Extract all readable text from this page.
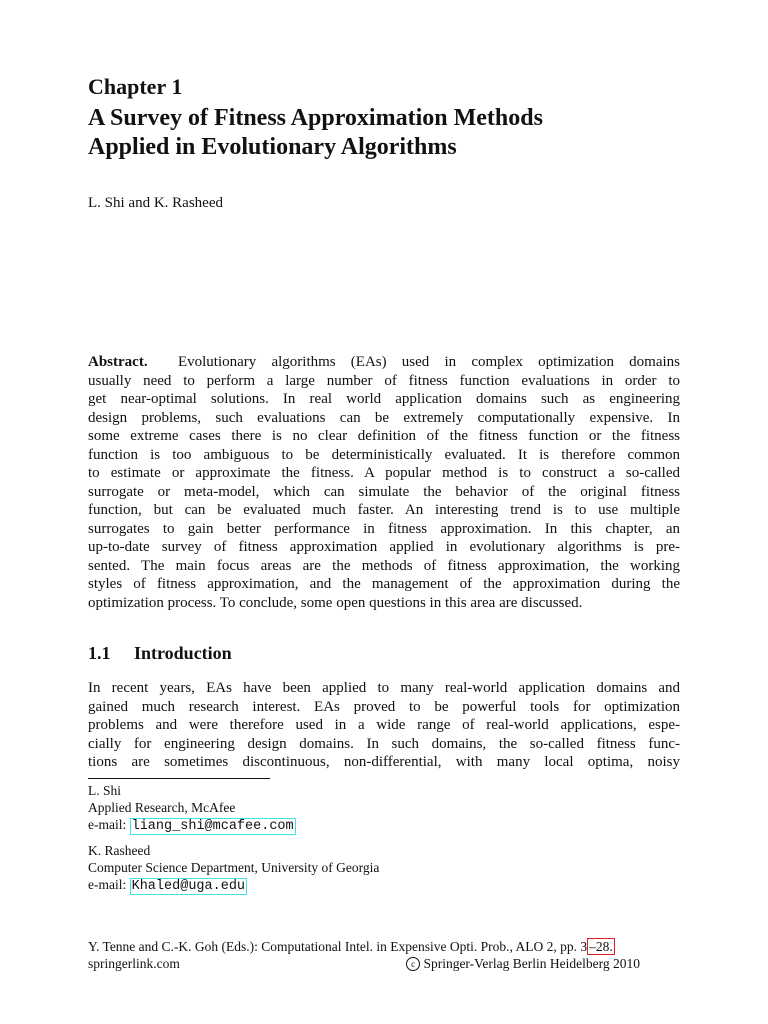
Chapter 1
A Survey of Fitness Approximation Methods
Applied in Evolutionary Algorithms
L. Shi and K. Rasheed
Abstract. Evolutionary algorithms (EAs) used in complex optimization domains
usually need to perform a large number of fitness function evaluations in order to
get near-optimal solutions. In real world application domains such as engineering
design problems, such evaluations can be extremely computationally expensive. In
some extreme cases there is no clear definition of the fitness function or the fitness
function is too ambiguous to be deterministically evaluated. It is therefore common
to estimate or approximate the fitness. A popular method is to construct a so-called
surrogate or meta-model, which can simulate the behavior of the original fitness
function, but can be evaluated much faster. An interesting trend is to use multiple
surrogates to gain better performance in fitness approximation. In this chapter, an
up-to-date survey of fitness approximation applied in evolutionary algorithms is pre-
sented. The main focus areas are the methods of fitness approximation, the working
styles of fitness approximation, and the management of the approximation during the
optimization process. To conclude, some open questions in this area are discussed.
1.1 Introduction
In recent years, EAs have been applied to many real-world application domains and
gained much research interest. EAs proved to be powerful tools for optimization
problems and were therefore used in a wide range of real-world applications, espe-
cially for engineering design domains. In such domains, the so-called fitness func-
tions are sometimes discontinuous, non-differential, with many local optima, noisy
L. Shi
Applied Research, McAfee
e-mail: liang_shi@mcafee.com
K. Rasheed
Computer Science Department, University of Georgia
e-mail: Khaled@uga.edu
Y. Tenne and C.-K. Goh (Eds.): Computational Intel. in Expensive Opti. Prob., ALO 2, pp. 3 –28.
springerlink.com	c Springer-Verlag Berlin Heidelberg 2010
